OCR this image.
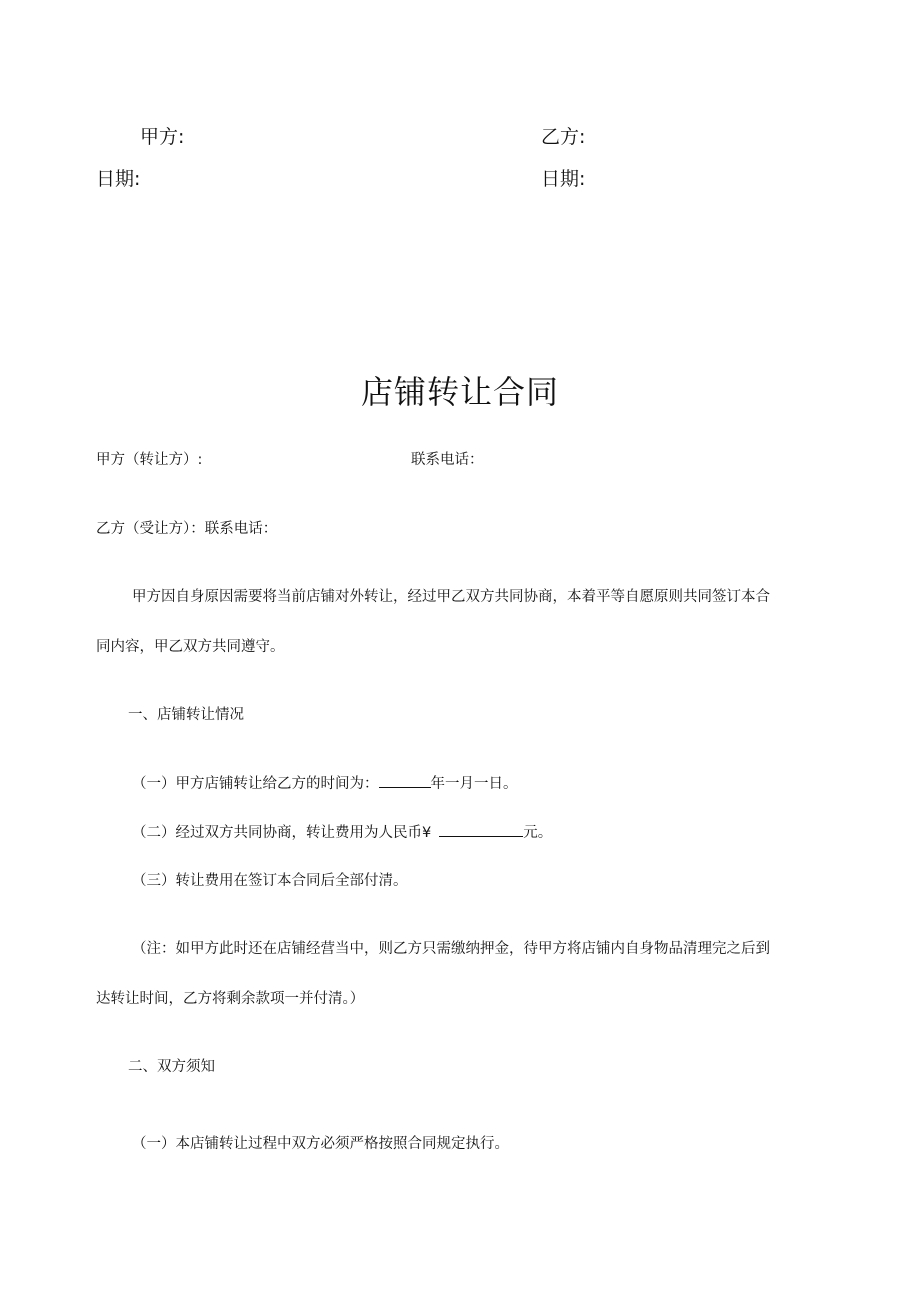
甲方:	乙方:
日期:	日期:
店铺转让合同
甲方（转让方）:	联系电话：
乙方（受让方）：联系电话：
甲方因自身原因需要将当前店铺对外转让，经过甲乙双方共同协商，本着平等自愿原则共同签订本合
同内容，甲乙双方共同遵守。
一、店铺转让情况
（一）甲方店铺转让给乙方的时间为：	年一月一日。
（二）经过双方共同协商，转让费用为人民币¥	元。
（三）转让费用在签订本合同后全部付清。
（注：如甲方此时还在店铺经营当中，则乙方只需缴纳押金，待甲方将店铺内自身物品清理完之后到
达转让时间，乙方将剩余款项一并付清。）
二、双方须知
（一）本店铺转让过程中双方必须严格按照合同规定执行。
